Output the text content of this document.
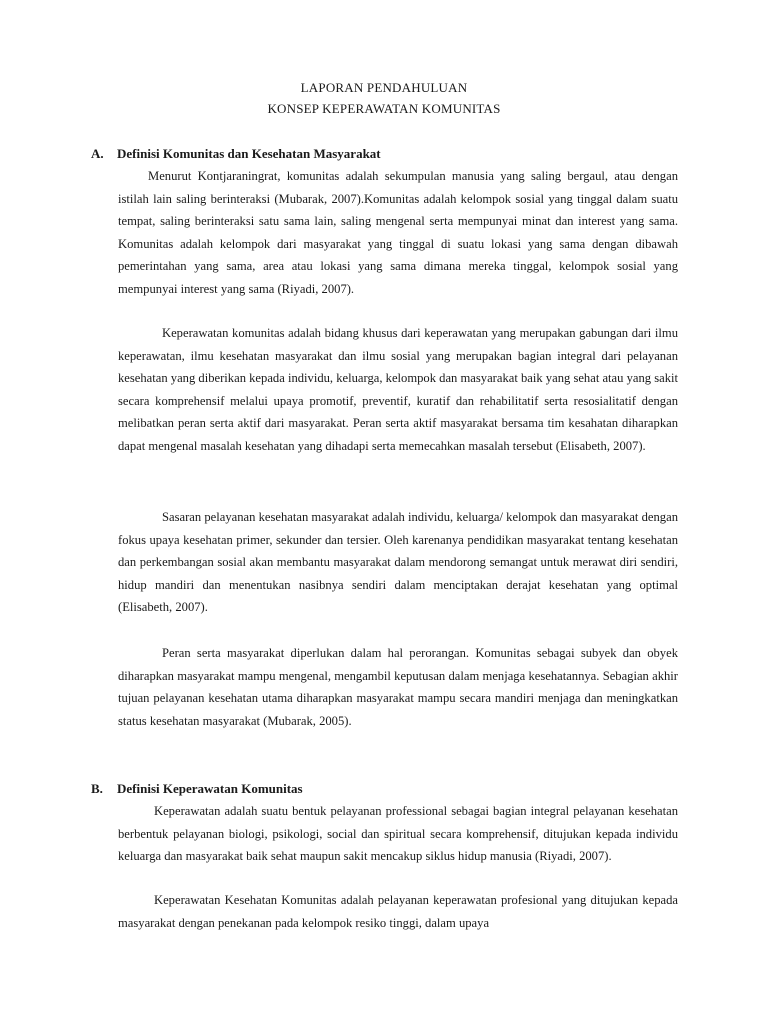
LAPORAN PENDAHULUAN
KONSEP KEPERAWATAN KOMUNITAS
A. Definisi Komunitas dan Kesehatan Masyarakat

Menurut Kontjaraningrat, komunitas adalah sekumpulan manusia yang saling bergaul, atau dengan istilah lain saling berinteraksi (Mubarak, 2007).Komunitas adalah kelompok sosial yang tinggal dalam suatu tempat, saling berinteraksi satu sama lain, saling mengenal serta mempunyai minat dan interest yang sama. Komunitas adalah kelompok dari masyarakat yang tinggal di suatu lokasi yang sama dengan dibawah pemerintahan yang sama, area atau lokasi yang sama dimana mereka tinggal, kelompok sosial yang mempunyai interest yang sama (Riyadi, 2007).

Keperawatan komunitas adalah bidang khusus dari keperawatan yang merupakan gabungan dari ilmu keperawatan, ilmu kesehatan masyarakat dan ilmu sosial yang merupakan bagian integral dari pelayanan kesehatan yang diberikan kepada individu, keluarga, kelompok dan masyarakat baik yang sehat atau yang sakit secara komprehensif melalui upaya promotif, preventif, kuratif dan rehabilitatif serta resosialitatif dengan melibatkan peran serta aktif dari masyarakat. Peran serta aktif masyarakat bersama tim kesahatan diharapkan dapat mengenal masalah kesehatan yang dihadapi serta memecahkan masalah tersebut (Elisabeth, 2007).

Sasaran pelayanan kesehatan masyarakat adalah individu, keluarga/ kelompok dan masyarakat dengan fokus upaya kesehatan primer, sekunder dan tersier. Oleh karenanya pendidikan masyarakat tentang kesehatan dan perkembangan sosial akan membantu masyarakat dalam mendorong semangat untuk merawat diri sendiri, hidup mandiri dan menentukan nasibnya sendiri dalam menciptakan derajat kesehatan yang optimal (Elisabeth, 2007).

Peran serta masyarakat diperlukan dalam hal perorangan. Komunitas sebagai subyek dan obyek diharapkan masyarakat mampu mengenal, mengambil keputusan dalam menjaga kesehatannya. Sebagian akhir tujuan pelayanan kesehatan utama diharapkan masyarakat mampu secara mandiri menjaga dan meningkatkan status kesehatan masyarakat (Mubarak, 2005).

B. Definisi Keperawatan Komunitas

Keperawatan adalah suatu bentuk pelayanan professional sebagai bagian integral pelayanan kesehatan berbentuk pelayanan biologi, psikologi, social dan spiritual secara komprehensif, ditujukan kepada individu keluarga dan masyarakat baik sehat maupun sakit mencakup siklus hidup manusia (Riyadi, 2007).

Keperawatan Kesehatan Komunitas adalah pelayanan keperawatan profesional yang ditujukan kepada masyarakat dengan penekanan pada kelompok resiko tinggi, dalam upaya
